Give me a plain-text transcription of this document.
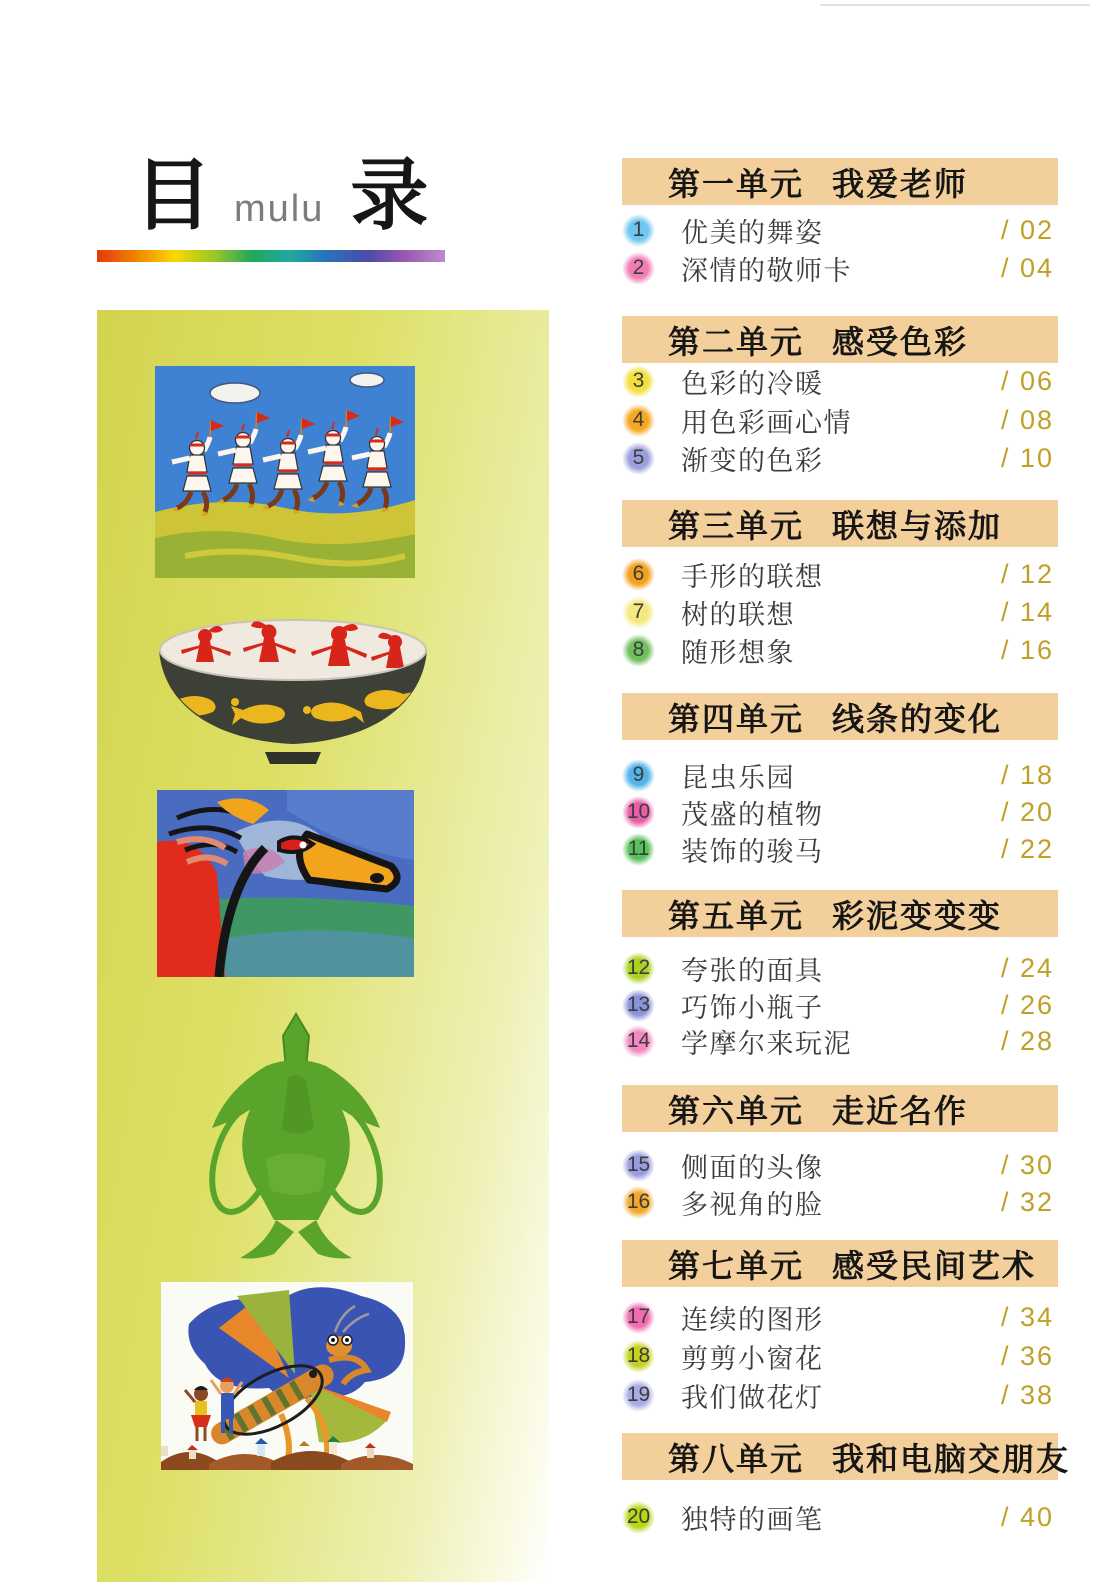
目 mulu 录	第一单元 我爱老师
第二单元 感受色彩
第三单元 联想与添加
第四单元 线条的变化
第五单元 彩泥变变变
第六单元 走近名作
第七单元 感受民间艺术
第八单元 我和电脑交朋友
1	优美的舞姿	/ 02
2	深情的敬师卡	/ 04
3	色彩的冷暖	/ 06
4	用色彩画心情	/ 08
5	渐变的色彩	/ 10
6	手形的联想	/ 12
7	树的联想	/ 14
8	随形想象	/ 16
9	昆虫乐园	/ 18
10 茂盛的植物	/ 20
11 装饰的骏马	/ 22
12 夸张的面具	/ 24
13 巧饰小瓶子	/ 26
14 学摩尔来玩泥	/ 28
15 侧面的头像	/ 30
16 多视角的脸	/ 32
17 连续的图形	/ 34
18 剪剪小窗花	/ 36
19 我们做花灯	/ 38
20 独特的画笔	/ 40
